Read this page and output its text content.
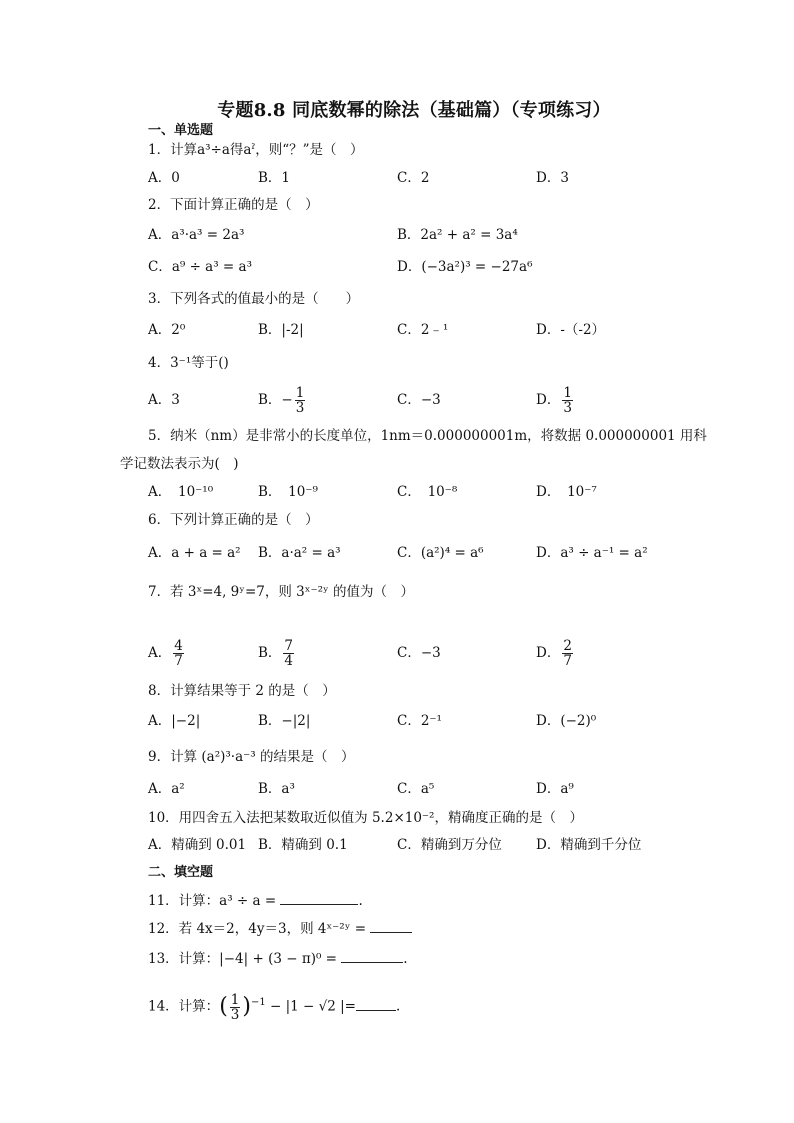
专题8.8 同底数幂的除法（基础篇）（专项练习）
一、单选题
1．计算a³÷a得aˀ，则“？”是（　）
A．0	B．1	C．2	D．3
2．下面计算正确的是（　）
A．a³·a³ = 2a³	B．2a² + a² = 3a⁴
C．a⁹ ÷ a³ = a³	D．(−3a²)³ = −27a⁶
3．下列各式的值最小的是（　　）
A．2⁰	B．|-2|	C．2﹣¹	D．-（-2）
4．3⁻¹等于()
A．3	B．− $\frac{1}{3}$	C．−3	D． $\frac{1}{3}$
5．纳米（nm）是非常小的长度单位，1nm＝0.000000001m，将数据 0.000000001 用科
学记数法表示为(　)
A．　10⁻¹⁰	B．　10⁻⁹	C．　10⁻⁸	D．　10⁻⁷
6．下列计算正确的是（　）
A．a + a = a² B．a·a² = a³	C．(a²)⁴ = a⁶	D．a³ ÷ a⁻¹ = a²
7．若 3ˣ=4, 9ʸ=7，则 3ˣ⁻²ʸ 的值为（　）
A． $\frac{4}{7}$	B． $\frac{7}{4}$	C．−3	D． $\frac{2}{7}$
8．计算结果等于 2 的是（　）
A．|−2|	B．−|2|	C．2⁻¹	D．(−2)⁰
9．计算 (a²)³·a⁻³ 的结果是（　）
A．a²	B．a³	C．a⁵	D．a⁹
10．用四舍五入法把某数取近似值为 5.2×10⁻²，精确度正确的是（　）
A．精确到 0.01 B．精确到 0.1	C．精确到万分位	D．精确到千分位
二、填空题
11．计算：a³ ÷ a =	.
12．若 4x＝2，4y＝3，则 4ˣ⁻²ʸ =
13．计算：|−4| + (3 − π)⁰ =	.
14．计算：( $\frac{1}{3} )^{-1} - |1 - √2$ |=	.
